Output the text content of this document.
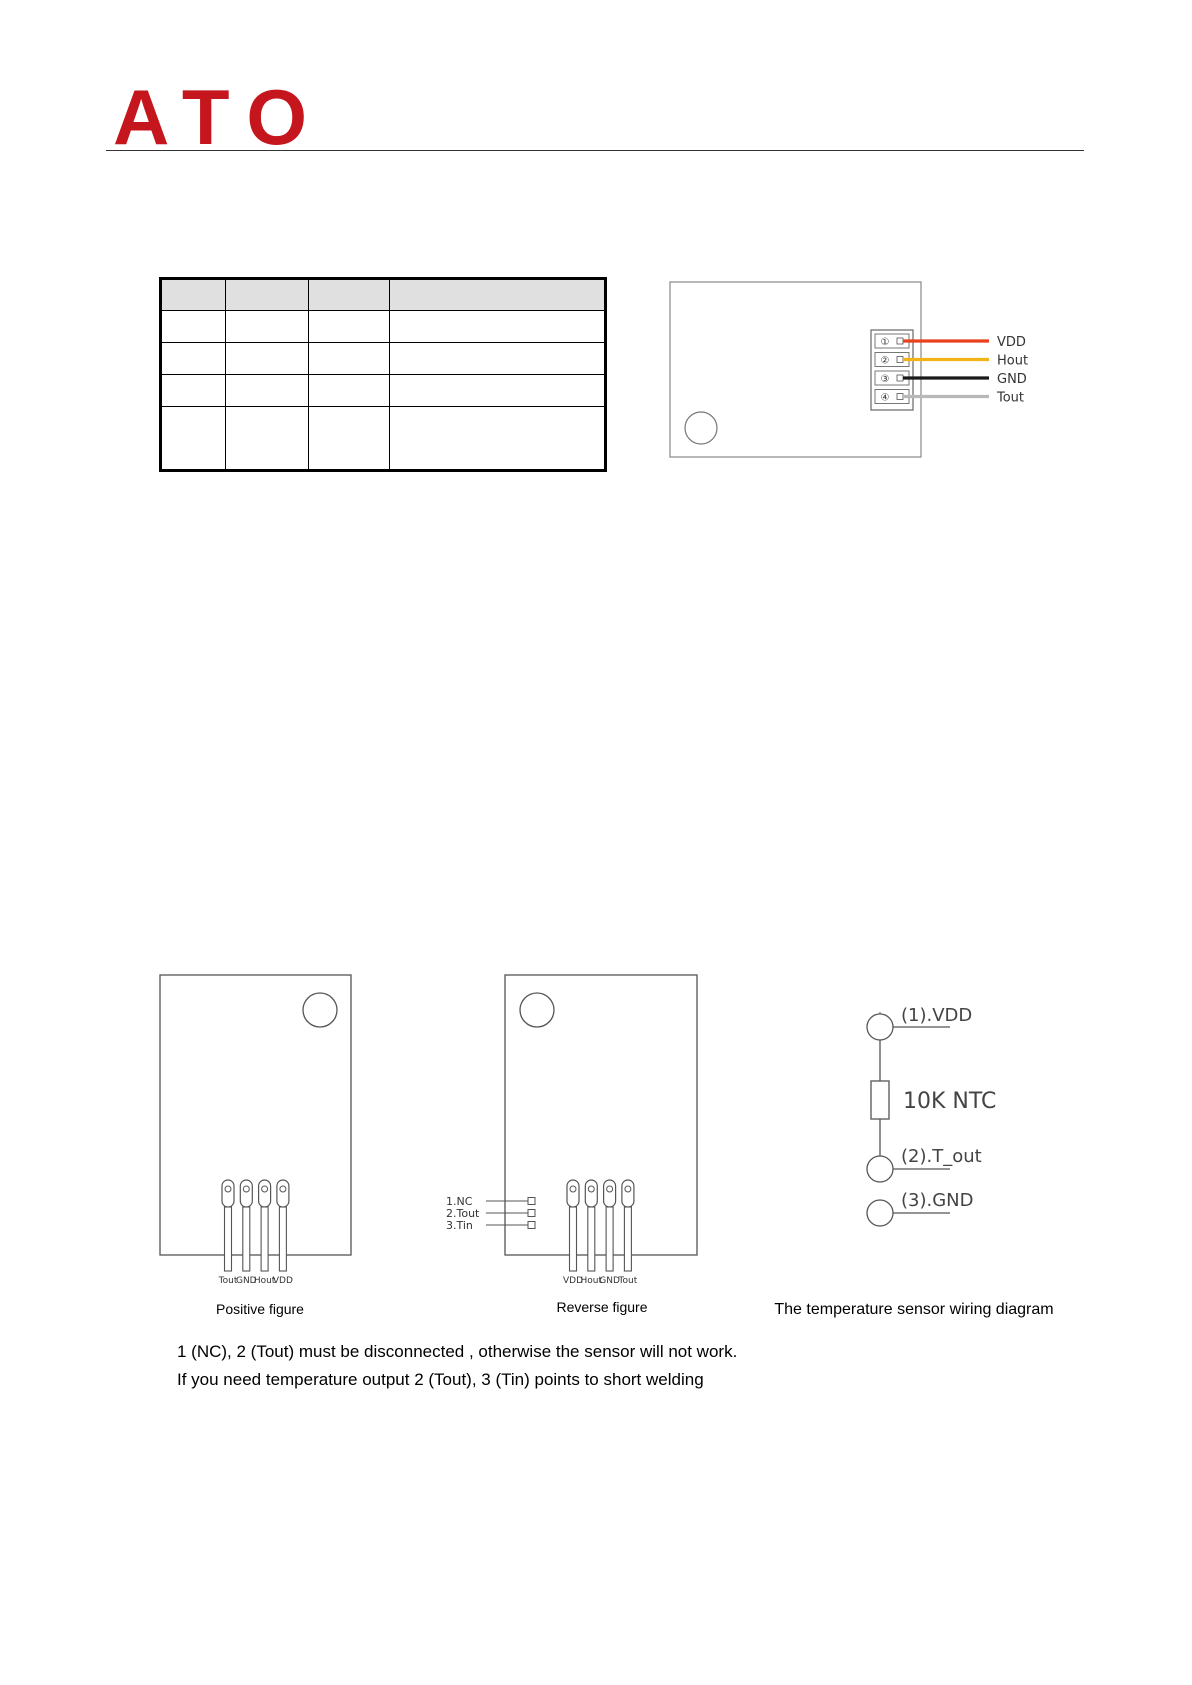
ATO

①	VDD
②	Hout
③	GND
④	Tout
Tout
GND
Hout
VDD
Positive figure
VDD
Hout
GND
Tout
1.NC
2.Tout
3.Tin
Reverse figure
(1).VDD
10K NTC
(2).T_out
(3).GND
The temperature sensor wiring diagram
1 (NC), 2 (Tout) must be disconnected , otherwise the sensor will not work.
If you need temperature output 2 (Tout), 3 (Tin) points to short welding
